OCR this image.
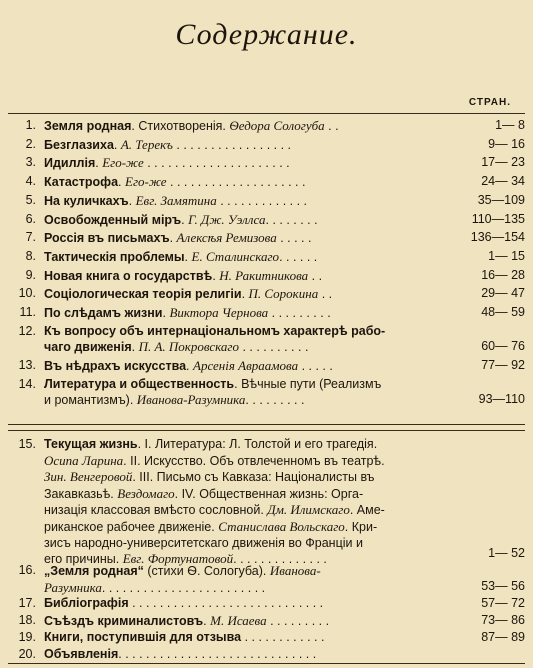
Содержание.
СТРАН.
1. Земля родная. Стихотворенія. Ѳедора Сологуба . .	1— 8
2. Безглазиха. А. Терекъ . . . . . . . . . . . . . . . . .	9— 16
3. Идиллія. Его-же . . . . . . . . . . . . . . . . . . . . .	17— 23
4. Катастрофа. Его-же . . . . . . . . . . . . . . . . . . . .	24— 34
5. На куличкахъ. Евг. Замятина . . . . . . . . . . . . .	35—109
6. Освобожденный міръ. Г. Дж. Уэллса. . . . . . . .	110—135
7. Россія въ письмахъ. Алексѣя Ремизова . . . . .	136—154
8. Тактическія проблемы. Е. Сталинскаго. . . . . .	1— 15
9. Новая книга о государствѣ. Н. Ракитникова . .	16— 28
10. Соціологическая теорія религіи. П. Сорокина . .	29— 47
11. По слѣдамъ жизни. Виктора Чернова . . . . . . . . .	48— 59
12. Къ вопросу объ интернаціональномъ характерѣ рабо-
чаго движенія. П. А. Покровскаго . . . . . . . . . .	60— 76
13. Въ нѣдрахъ искусства. Арсенія Авраамова . . . . .	77— 92
14. Литература и общественность. Вѣчные пути (Реализмъ
и романтизмъ). Иванова-Разумника. . . . . . . . .	93—110
15. Текущая жизнь. I. Литература: Л. Толстой и его трагедія.
Осипа Ларина. II. Искусство. Объ отвлеченномъ въ театрѣ.
Зин. Венгеровой. III. Письмо съ Кавказа: Націоналисты въ
Закавказьѣ. Вездомаго. IV. Общественная жизнь: Орга-
низація классовая вмѣсто сословной. Дм. Илимскаго. Аме-
риканское рабочее движеніе. Станислава Вольскаго. Кри-
зисъ народно-университетскаго движенія во Франціи и
его причины. Евг. Фортунатовой. . . . . . . . . . . . . .	1— 52
16. „Земля родная“ (стихи Ѳ. Сологуба). Иванова-
Разумника. . . . . . . . . . . . . . . . . . . . . . . .	53— 56
17. Библіографія . . . . . . . . . . . . . . . . . . . . . . . . . . . .	57— 72
18. Съѣздъ криминалистовъ. М. Исаева . . . . . . . . .	73— 86
19. Книги, поступившія для отзыва . . . . . . . . . . . .	87— 89
20. Объявленія. . . . . . . . . . . . . . . . . . . . . . . . . . . . .
